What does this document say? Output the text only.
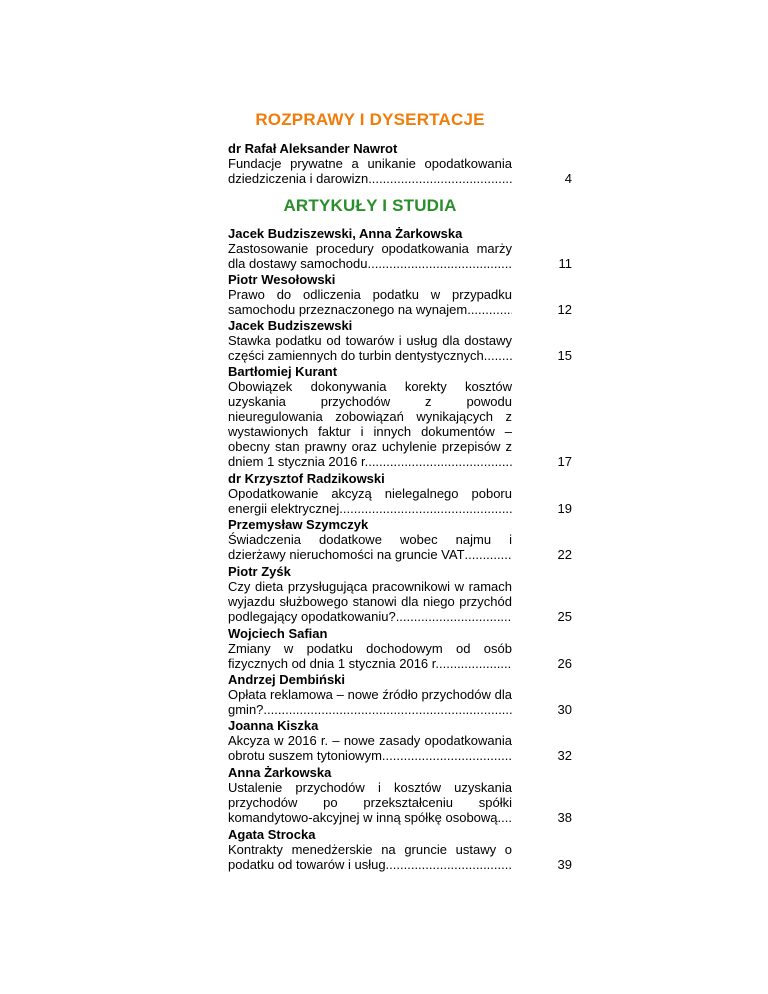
ROZPRAWY I DYSERTACJE
dr Rafał Aleksander Nawrot
Fundacje prywatne a unikanie opodatkowania
dziedziczenia i darowizn .....	4
ARTYKUŁY I STUDIA
Jacek Budziszewski, Anna Żarkowska
Zastosowanie procedury opodatkowania marży
dla dostawy samochodu .....	11
Piotr Wesołowski
Prawo do odliczenia podatku w przypadku
samochodu przeznaczonego na wynajem .....	12
Jacek Budziszewski
Stawka podatku od towarów i usług dla dostawy
części zamiennych do turbin dentystycznych .....	15
Bartłomiej Kurant
Obowiązek dokonywania korekty kosztów
uzyskania przychodów z powodu
nieuregulowania zobowiązań wynikających z
wystawionych faktur i innych dokumentów –
obecny stan prawny oraz uchylenie przepisów z
dniem 1 stycznia 2016 r. .....	17
dr Krzysztof Radzikowski
Opodatkowanie akcyzą nielegalnego poboru
energii elektrycznej .....	19
Przemysław Szymczyk
Świadczenia dodatkowe wobec najmu i
dzierżawy nieruchomości na gruncie VAT .....	22
Piotr Zyśk
Czy dieta przysługująca pracownikowi w ramach
wyjazdu służbowego stanowi dla niego przychód
podlegający opodatkowaniu? .....	25
Wojciech Safian
Zmiany w podatku dochodowym od osób
fizycznych od dnia 1 stycznia 2016 r. .....	26
Andrzej Dembiński
Opłata reklamowa – nowe źródło przychodów dla
gmin? .....	30
Joanna Kiszka
Akcyza w 2016 r. – nowe zasady opodatkowania
obrotu suszem tytoniowym .....	32
Anna Żarkowska
Ustalenie przychodów i kosztów uzyskania
przychodów po przekształceniu spółki
komandytowo-akcyjnej w inną spółkę osobową .....	38
Agata Strocka
Kontrakty menedżerskie na gruncie ustawy o
podatku od towarów i usług .....	39
